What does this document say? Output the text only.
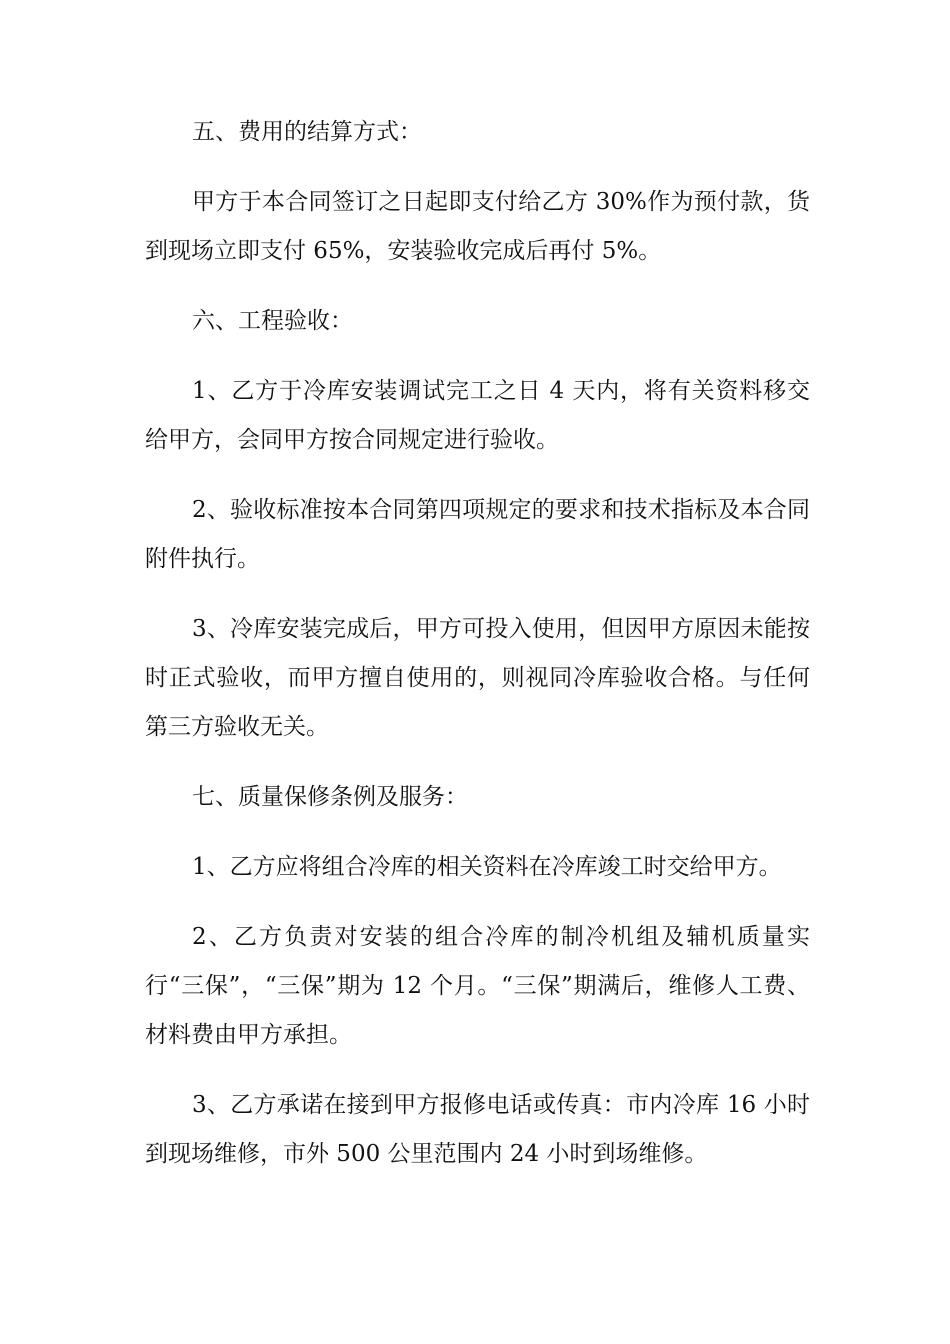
五、费用的结算方式：

甲方于本合同签订之日起即支付给乙方 30%作为预付款，货到现场立即支付 65%，安装验收完成后再付 5%。

六、工程验收：

1、乙方于冷库安装调试完工之日 4 天内，将有关资料移交给甲方，会同甲方按合同规定进行验收。

2、验收标准按本合同第四项规定的要求和技术指标及本合同附件执行。

3、冷库安装完成后，甲方可投入使用，但因甲方原因未能按时正式验收，而甲方擅自使用的，则视同冷库验收合格。与任何第三方验收无关。

七、质量保修条例及服务：

1、乙方应将组合冷库的相关资料在冷库竣工时交给甲方。

2、乙方负责对安装的组合冷库的制冷机组及辅机质量实行“三保”，“三保”期为 12 个月。“三保”期满后，维修人工费、材料费由甲方承担。

3、乙方承诺在接到甲方报修电话或传真：市内冷库 16 小时到现场维修，市外 500 公里范围内 24 小时到场维修。
